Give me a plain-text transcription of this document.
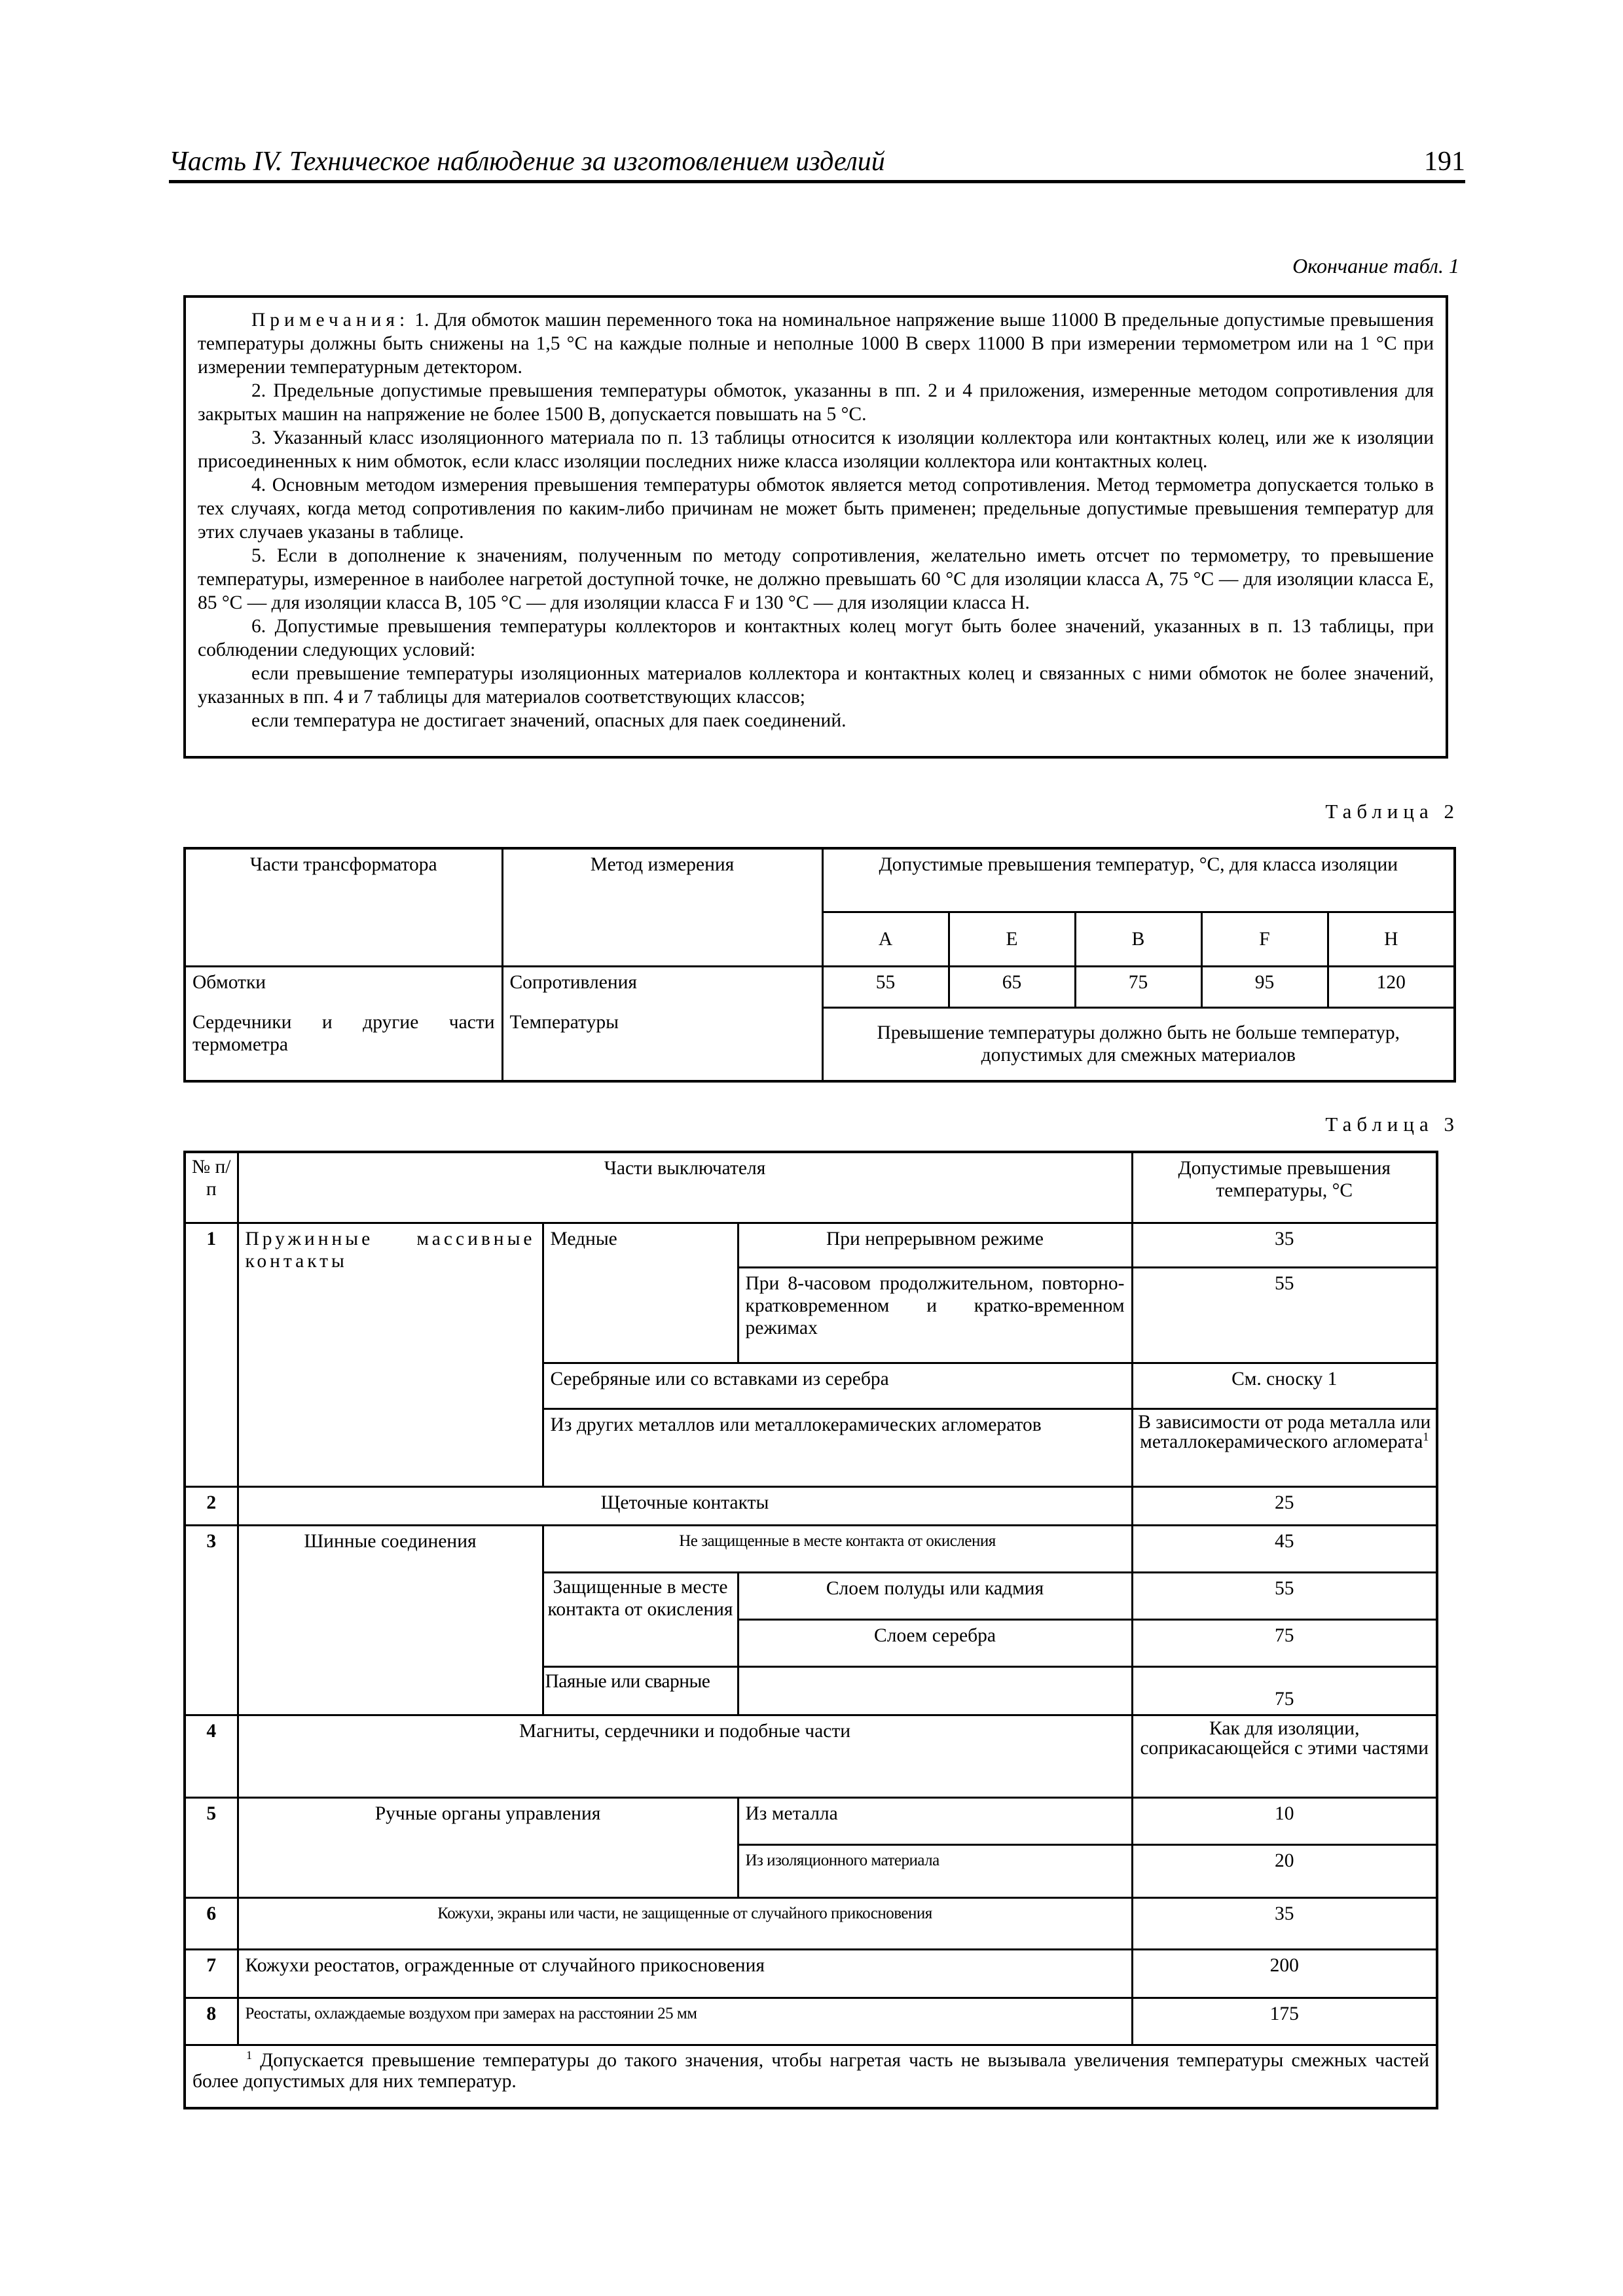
Часть IV. Техническое наблюдение за изготовлением изделий	191
Окончание табл. 1

Примечания: 1. Для обмоток машин переменного тока на номинальное напряжение выше 11000 В предельные допустимые превышения температуры должны быть снижены на 1,5 °С на каждые полные и неполные 1000 В сверх 11000 В при измерении термометром или на 1 °С при измерении температурным детектором.

2. Предельные допустимые превышения температуры обмоток, указанны в пп. 2 и 4 приложения, измеренные методом сопротивления для закрытых машин на напряжение не более 1500 В, допускается повышать на 5 °С.

3. Указанный класс изоляционного материала по п. 13 таблицы относится к изоляции коллектора или контактных колец, или же к изоляции присоединенных к ним обмоток, если класс изоляции последних ниже класса изоляции коллектора или контактных колец.

4. Основным методом измерения превышения температуры обмоток является метод сопротивления. Метод термометра допускается только в тех случаях, когда метод сопротивления по каким-либо причинам не может быть применен; предельные допустимые превышения температур для этих случаев указаны в таблице.

5. Если в дополнение к значениям, полученным по методу сопротивления, желательно иметь отсчет по термометру, то превышение температуры, измеренное в наиболее нагретой доступной точке, не должно превышать 60 °С для изоляции класса А, 75 °С — для изоляции класса Е, 85 °С — для изоляции класса В, 105 °С — для изоляции класса F и 130 °С — для изоляции класса Н.

6. Допустимые превышения температуры коллекторов и контактных колец могут быть более значений, указанных в п. 13 таблицы, при соблюдении следующих условий:

если превышение температуры изоляционных материалов коллектора и контактных колец и связанных с ними обмоток не более значений, указанных в пп. 4 и 7 таблицы для материалов соответствующих классов;

если температура не достигает значений, опасных для паек соединений.

Таблица 2
Части трансформатора	Метод измерения	Допустимые превышения температур, °С, для класса изоляции				
		A	E	B	F	H
Обмотки	Сопротивления	55	65	75	95	120
Сердечники и другие части термометра	Температуры	Превышение температуры должно быть не больше температур, допустимых для смежных материалов				
Таблица 3
№ п/п	Части выключателя			Допустимые превышения температуры, °С
1	Пружинные массивные контакты	Медные	При непрерывном режиме	35
			При 8-часовом продолжительном, повторно-кратковременном и кратко-временном режимах	55
		Серебряные или со вставками из серебра		См. сноску 1
		Из других металлов или металлокерамических агломератов		В зависимости от рода металла или металлокерамического агломерата$^1$
2	Щеточные контакты			25
3	Шинные соединения	Не защищенные в месте контакта от окисления		45
		Защищенные в месте контакта от окисления	Слоем полуды или кадмия	55
			Слоем серебра	75
		Паяные или сварные		75
4	Магниты, сердечники и подобные части			Как для изоляции, соприкасающейся с этими частями
5	Ручные органы управления		Из металла	10
			Из изоляционного материала	20
6	Кожухи, экраны или части, не защищенные от случайного прикосновения			35
7	Кожухи реостатов, огражденные от случайного прикосновения			200
8	Реостаты, охлаждаемые воздухом при замерах на расстоянии 25 мм			175
$^1$ Допускается превышение температуры до такого значения, чтобы нагретая часть не вызывала увеличения температуры смежных частей более допустимых для них температур.				
